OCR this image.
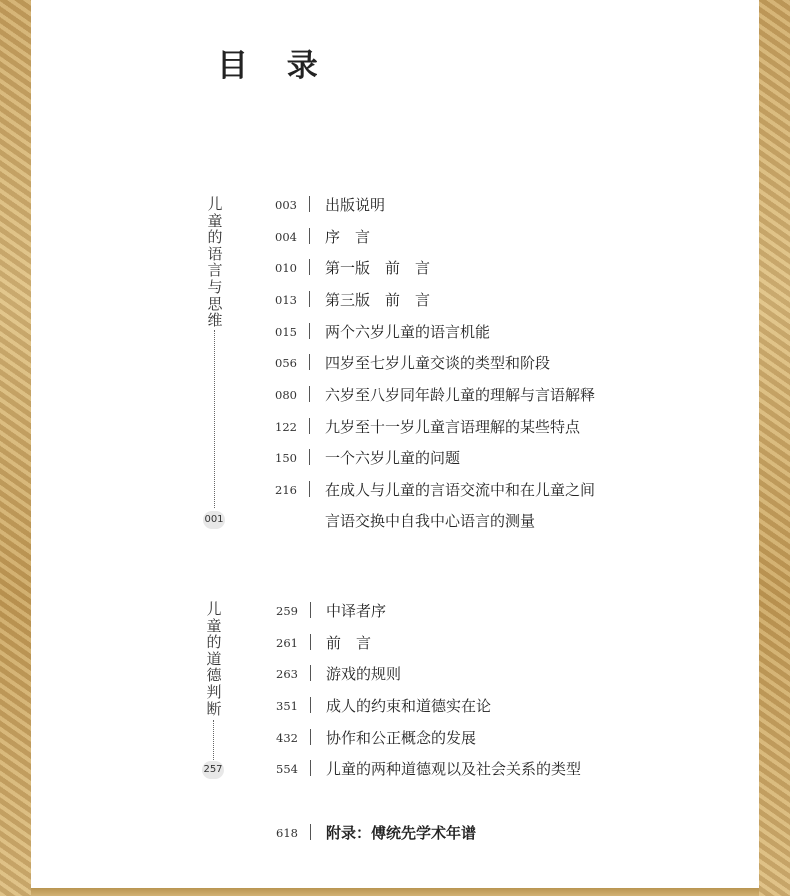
目 录
儿童的语言与思维
001
003 出版说明
004 序　言
010 第一版　前　言
013 第三版　前　言
015 两个六岁儿童的语言机能
056 四岁至七岁儿童交谈的类型和阶段
080 六岁至八岁同年龄儿童的理解与言语解释
122 九岁至十一岁儿童言语理解的某些特点
150 一个六岁儿童的问题
216 在成人与儿童的言语交流中和在儿童之间
言语交换中自我中心语言的测量
儿童的道德判断
257
259 中译者序
261 前　言
263 游戏的规则
351 成人的约束和道德实在论
432 协作和公正概念的发展
554 儿童的两种道德观以及社会关系的类型
618 附录：傅统先学术年谱
